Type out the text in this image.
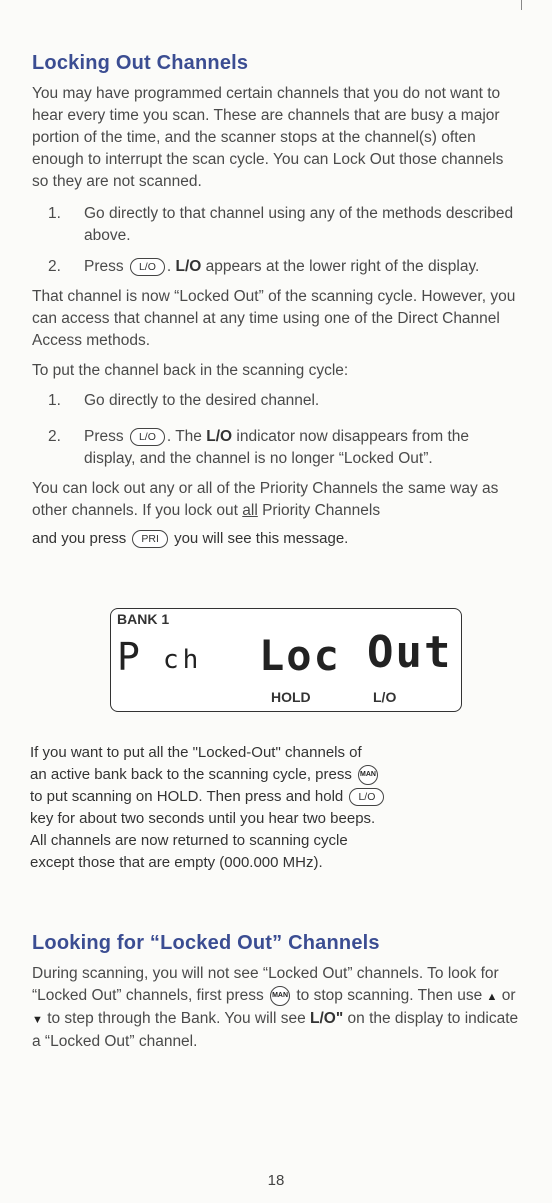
Locking Out Channels

You may have programmed certain channels that you do not want to hear every time you scan. These are channels that are busy a major portion of the time, and the scanner stops at the channel(s) often enough to interrupt the scan cycle. You can Lock Out those channels so they are not scanned.

1. Go directly to that channel using any of the methods described above.
2. Press L/O . L/O appears at the lower right of the display.

That channel is now “Locked Out” of the scanning cycle. However, you can access that channel at any time using one of the Direct Channel Access methods.

To put the channel back in the scanning cycle:

1. Go directly to the desired channel.
2. Press L/O . The L/O indicator now disappears from the display, and the channel is no longer “Locked Out”.

You can lock out any or all of the Priority Channels the same way as other channels. If you lock out all Priority Channels

and you press PRI you will see this message.

BANK 1
P ch Loc Out
HOLD	L/O

If you want to put all the "Locked-Out" channels of

an active bank back to the scanning cycle, press MAN

to put scanning on HOLD. Then press and hold L/O

key for about two seconds until you hear two beeps.

All channels are now returned to scanning cycle

except those that are empty (000.000 MHz).

Looking for “Locked Out” Channels

During scanning, you will not see “Locked Out” channels. To look for “Locked Out” channels, first press MAN to stop scanning. Then use ▲ or ▼ to step through the Bank. You will see L/O" on the display to indicate a “Locked Out” channel.

18
